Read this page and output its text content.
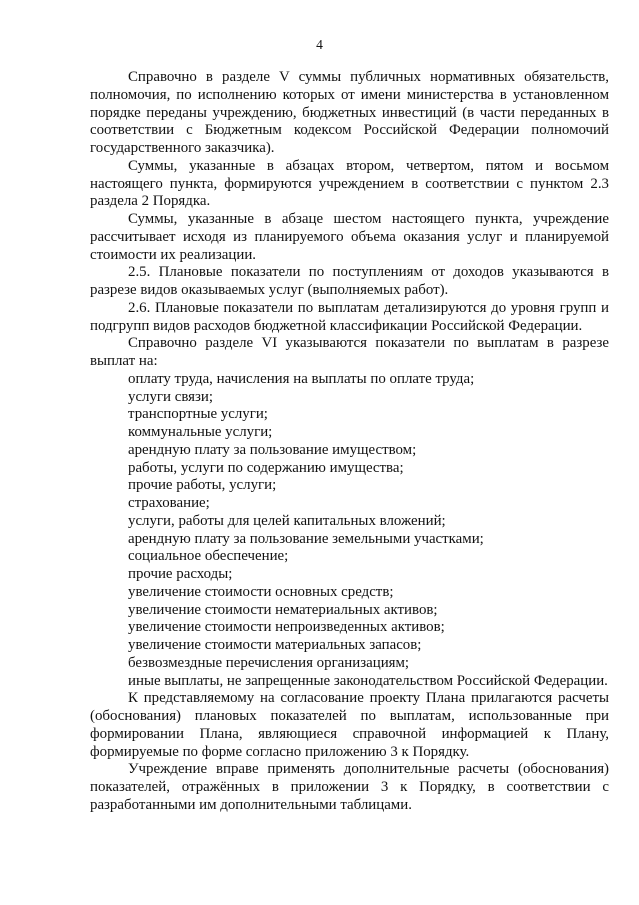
4

Справочно в разделе V суммы публичных нормативных обязательств, полномочия, по исполнению которых от имени министерства в установленном порядке переданы учреждению, бюджетных инвестиций (в части переданных в соответствии с Бюджетным кодексом Российской Федерации полномочий государственного заказчика).

Суммы, указанные в абзацах втором, четвертом, пятом и восьмом настоящего пункта, формируются учреждением в соответствии с пунктом 2.3 раздела 2 Порядка.

Суммы, указанные в абзаце шестом настоящего пункта, учреждение рассчитывает исходя из планируемого объема оказания услуг и планируемой стоимости их реализации.

2.5. Плановые показатели по поступлениям от доходов указываются в разрезе видов оказываемых услуг (выполняемых работ).

2.6. Плановые показатели по выплатам детализируются до уровня групп и подгрупп видов расходов бюджетной классификации Российской Федерации.

Справочно разделе VI указываются показатели по выплатам в разрезе выплат на:

оплату труда, начисления на выплаты по оплате труда;
услуги связи;
транспортные услуги;
коммунальные услуги;
арендную плату за пользование имуществом;
работы, услуги по содержанию имущества;
прочие работы, услуги;
страхование;
услуги, работы для целей капитальных вложений;
арендную плату за пользование земельными участками;
социальное обеспечение;
прочие расходы;
увеличение стоимости основных средств;
увеличение стоимости нематериальных активов;
увеличение стоимости непроизведенных активов;
увеличение стоимости материальных запасов;
безвозмездные перечисления организациям;
иные выплаты, не запрещенные законодательством Российской Федерации.

К представляемому на согласование проекту Плана прилагаются расчеты (обоснования) плановых показателей по выплатам, использованные при формировании Плана, являющиеся справочной информацией к Плану, формируемые по форме согласно приложению 3 к Порядку.

Учреждение вправе применять дополнительные расчеты (обоснования) показателей, отражённых в приложении 3 к Порядку, в соответствии с разработанными им дополнительными таблицами.
